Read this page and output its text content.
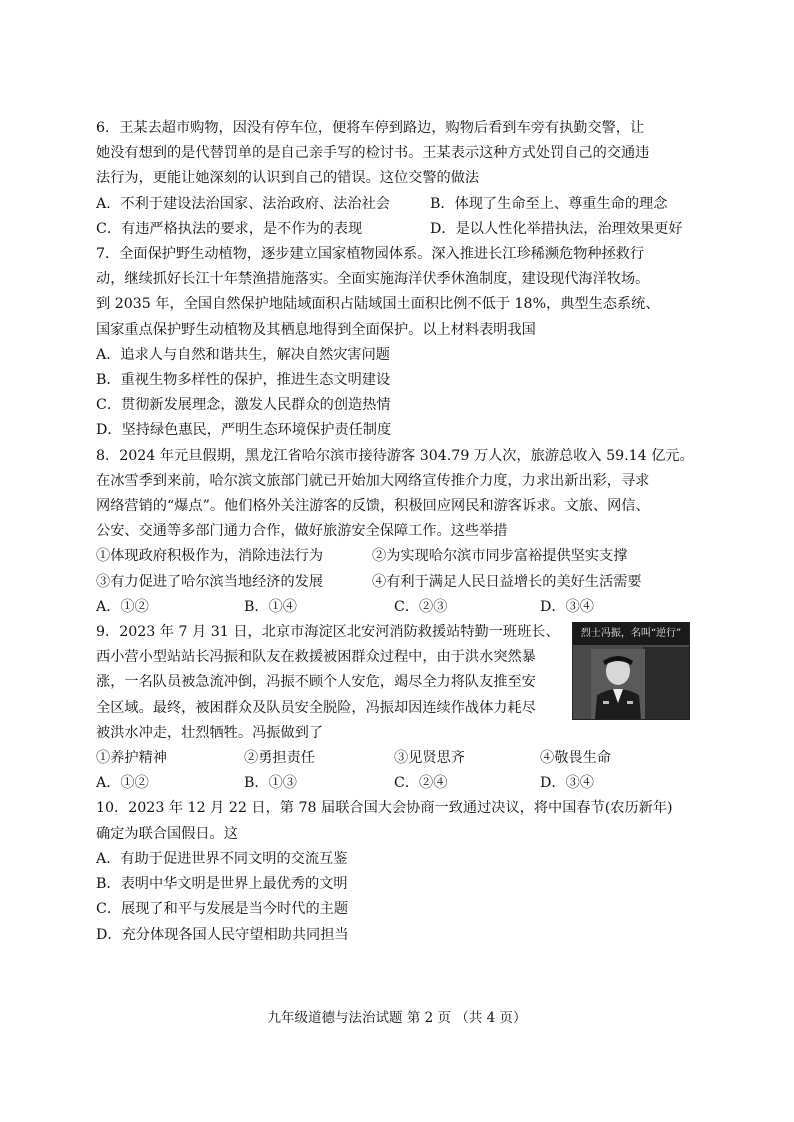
6．王某去超市购物，因没有停车位，便将车停到路边，购物后看到车旁有执勤交警，让
她没有想到的是代替罚单的是自己亲手写的检讨书。王某表示这种方式处罚自己的交通违
法行为，更能让她深刻的认识到自己的错误。这位交警的做法
A．不利于建设法治国家、法治政府、法治社会	B．体现了生命至上、尊重生命的理念
C．有违严格执法的要求，是不作为的表现	D．是以人性化举措执法，治理效果更好
7．全面保护野生动植物，逐步建立国家植物园体系。深入推进长江珍稀濒危物种拯救行
动，继续抓好长江十年禁渔措施落实。全面实施海洋伏季休渔制度，建设现代海洋牧场。
到 2035 年，全国自然保护地陆域面积占陆域国土面积比例不低于 18%，典型生态系统、
国家重点保护野生动植物及其栖息地得到全面保护。以上材料表明我国
A．追求人与自然和谐共生，解决自然灾害问题
B．重视生物多样性的保护，推进生态文明建设
C．贯彻新发展理念，激发人民群众的创造热情
D．坚持绿色惠民，严明生态环境保护责任制度
8．2024 年元旦假期，黑龙江省哈尔滨市接待游客 304.79 万人次，旅游总收入 59.14 亿元。
在冰雪季到来前，哈尔滨文旅部门就已开始加大网络宣传推介力度，力求出新出彩，寻求
网络营销的“爆点”。他们格外关注游客的反馈，积极回应网民和游客诉求。文旅、网信、
公安、交通等多部门通力合作，做好旅游安全保障工作。这些举措
①体现政府积极作为，消除违法行为	②为实现哈尔滨市同步富裕提供坚实支撑
③有力促进了哈尔滨当地经济的发展	④有利于满足人民日益增长的美好生活需要
A．①②	B．①④	C．②③	D．③④
9．2023 年 7 月 31 日，北京市海淀区北安河消防救援站特勤一班班长、
西小营小型站站长冯振和队友在救援被困群众过程中，由于洪水突然暴
涨，一名队员被急流冲倒，冯振不顾个人安危，竭尽全力将队友推至安
全区域。最终，被困群众及队员安全脱险，冯振却因连续作战体力耗尽
被洪水冲走，壮烈牺牲。冯振做到了
烈士冯振，名叫“逆行”
①养护精神	②勇担责任	③见贤思齐	④敬畏生命
A．①②	B．①③	C．②④	D．③④
10．2023 年 12 月 22 日，第 78 届联合国大会协商一致通过决议，将中国春节(农历新年)
确定为联合国假日。这
A．有助于促进世界不同文明的交流互鉴
B．表明中华文明是世界上最优秀的文明
C．展现了和平与发展是当今时代的主题
D．充分体现各国人民守望相助共同担当
九年级道德与法治试题 第 2 页 （共 4 页）
